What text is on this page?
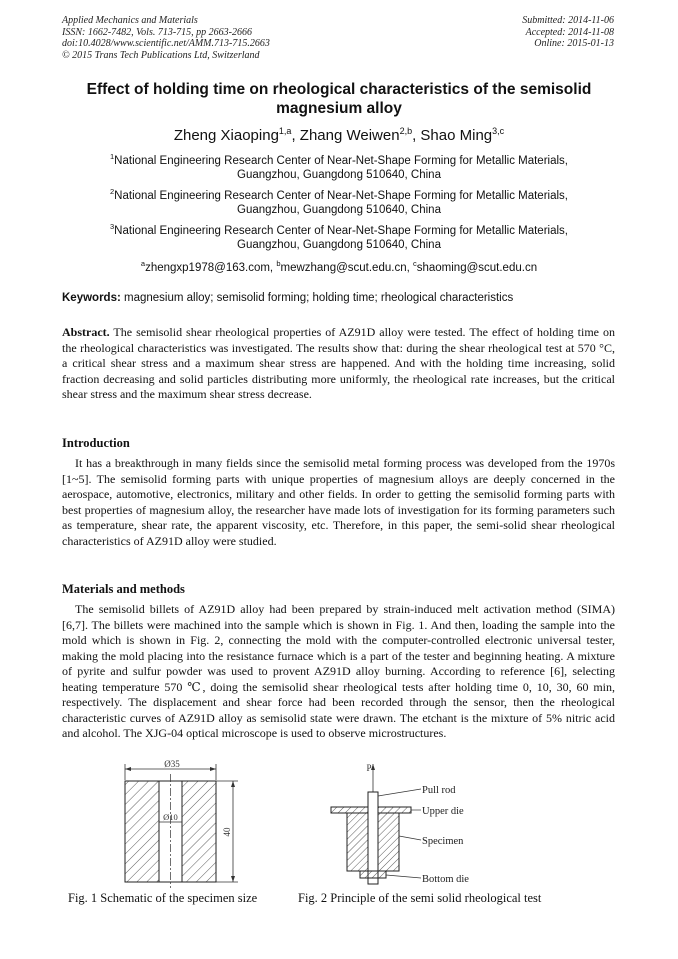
Applied Mechanics and Materials
ISSN: 1662-7482, Vols. 713-715, pp 2663-2666
doi:10.4028/www.scientific.net/AMM.713-715.2663
© 2015 Trans Tech Publications Ltd, Switzerland
Submitted: 2014-11-06
Accepted: 2014-11-08
Online: 2015-01-13
Effect of holding time on rheological characteristics of the semisolid magnesium alloy
Zheng Xiaoping$^{1,a}$, Zhang Weiwen$^{2,b}$, Shao Ming$^{3,c}$
$^1$National Engineering Research Center of Near-Net-Shape Forming for Metallic Materials,
Guangzhou, Guangdong 510640, China
$^2$National Engineering Research Center of Near-Net-Shape Forming for Metallic Materials,
Guangzhou, Guangdong 510640, China
$^3$National Engineering Research Center of Near-Net-Shape Forming for Metallic Materials,
Guangzhou, Guangdong 510640, China
$^a$zhengxp1978@163.com, $^b$mewzhang@scut.edu.cn, $^c$shaoming@scut.edu.cn
Keywords: magnesium alloy; semisolid forming; holding time; rheological characteristics
Abstract. The semisolid shear rheological properties of AZ91D alloy were tested. The effect of holding time on the rheological characteristics was investigated. The results show that: during the shear rheological test at 570 °C, a critical shear stress and a maximum shear stress are happened. And with the holding time increasing, solid fraction decreasing and solid particles distributing more uniformly, the rheological rate increases, but the critical shear stress and the maximum shear stress decrease.
Introduction
It has a breakthrough in many fields since the semisolid metal forming process was developed from the 1970s [1~5]. The semisolid forming parts with unique properties of magnesium alloys are deeply concerned in the aerospace, automotive, electronics, military and other fields. In order to getting the semisolid forming parts with best properties of magnesium alloy, the researcher have made lots of investigation for its forming parameters such as temperature, shear rate, the apparent viscosity, etc. Therefore, in this paper, the semi-solid shear rheological characteristics of AZ91D alloy were studied.
Materials and methods
The semisolid billets of AZ91D alloy had been prepared by strain-induced melt activation method (SIMA) [6,7]. The billets were machined into the sample which is shown in Fig. 1. And then, loading the sample into the mold which is shown in Fig. 2, connecting the mold with the computer-controlled electronic universal tester, making the mold placing into the resistance furnace which is a part of the tester and beginning heating. A mixture of pyrite and sulfur powder was used to provent AZ91D alloy burning. According to reference [6], selecting heating temperature 570 ℃, doing the semisolid shear rheological tests after holding time 0, 10, 30, 60 min, respectively. The displacement and shear force had been recorded through the sensor, then the rheological characteristic curves of AZ91D alloy as semisolid state were drawn. The etchant is the mixture of 5% nitric acid and alcohol. The XJG-04 optical microscope is used to observe microstructures.
Ø35
Ø10
40
Fig. 1 Schematic of the specimen size
P
Pull rod
Upper die
Specimen
Bottom die
Fig. 2 Principle of the semi solid rheological test
